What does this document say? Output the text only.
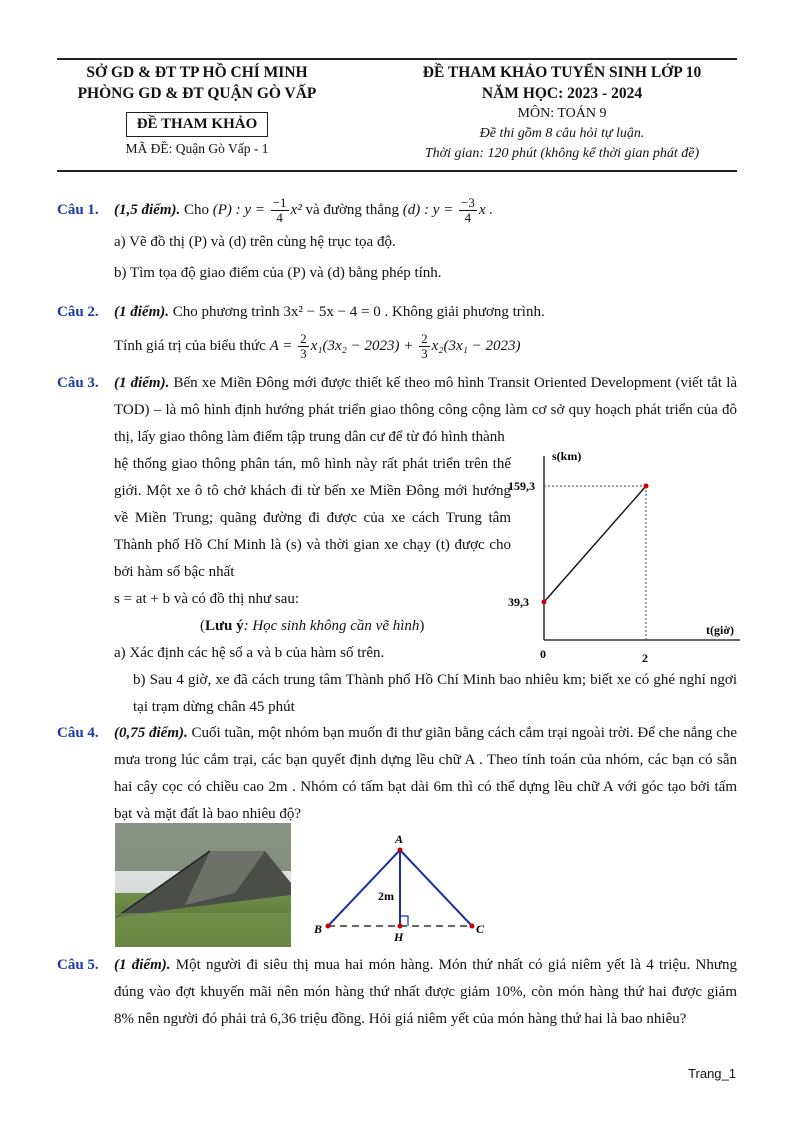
SỞ GD & ĐT TP HỒ CHÍ MINH
PHÒNG GD & ĐT QUẬN GÒ VẤP
ĐỀ THAM KHẢO
MÃ ĐỀ: Quận Gò Vấp - 1
ĐỀ THAM KHẢO TUYỂN SINH LỚP 10
NĂM HỌC: 2023 - 2024
MÔN: TOÁN 9
Đề thi gồm 8 câu hỏi tự luận.
Thời gian: 120 phút (không kể thời gian phát đề)
Câu 1. (1,5 điểm). Cho (P) : $y = \frac{-1}{4} x^2$ và đường thẳng (d) : $y = \frac{-3}{4}$ x .
a) Vẽ đồ thị (P) và (d) trên cùng hệ trục tọa độ.
b) Tìm tọa độ giao điểm của (P) và (d) bằng phép tính.
Câu 2. (1 điểm). Cho phương trình 3x² − 5x − 4 = 0 . Không giải phương trình.
Tính giá trị của biểu thức $A = \frac{2}{3} x_1(3x_2 - 2023) + \frac{2}{3} x_2(3x_1 - 2023)$
Câu 3. (1 điểm). Bến xe Miền Đông mới được thiết kế theo mô hình Transit Oriented Development (viết tắt là TOD) – là mô hình định hướng phát triển giao thông công cộng làm cơ sở quy hoạch phát triển của đô thị, lấy giao thông làm điểm tập trung dân cư để từ đó hình thành
hệ thống giao thông phân tán, mô hình này rất phát triển trên thế giới. Một xe ô tô chở khách đi từ bến xe Miền Đông mới hướng về Miền Trung; quãng đường đi được của xe cách Trung tâm Thành phố Hồ Chí Minh là (s) và thời gian xe chạy (t) được cho bởi hàm số bậc nhất
s = at + b và có đồ thị như sau:
(Lưu ý: Học sinh không cần vẽ hình)
a) Xác định các hệ số a và b của hàm số trên.
b) Sau 4 giờ, xe đã cách trung tâm Thành phố Hồ Chí Minh bao nhiêu km; biết xe có ghé nghỉ ngơi tại trạm dừng chân 45 phút
s(km)
t(giờ)
0
39,3
159,3
2
Câu 4. (0,75 điểm). Cuối tuần, một nhóm bạn muốn đi thư giãn bằng cách cắm trại ngoài trời. Để che nắng che mưa trong lúc cắm trại, các bạn quyết định dựng lều chữ A . Theo tính toán của nhóm, các bạn có sẵn hai cây cọc có chiều cao 2m . Nhóm có tấm bạt dài 6m thì có thể dựng lều chữ A với góc tạo bởi tấm bạt và mặt đất là bao nhiêu độ?
A
B	C
H
2m
Câu 5. (1 điểm). Một người đi siêu thị mua hai món hàng. Món thứ nhất có giá niêm yết là 4 triệu. Nhưng đúng vào đợt khuyến mãi nên món hàng thứ nhất được giảm 10%, còn món hàng thứ hai được giảm 8% nên người đó phải trả 6,36 triệu đồng. Hỏi giá niêm yết của món hàng thứ hai là bao nhiêu?
Trang_1
